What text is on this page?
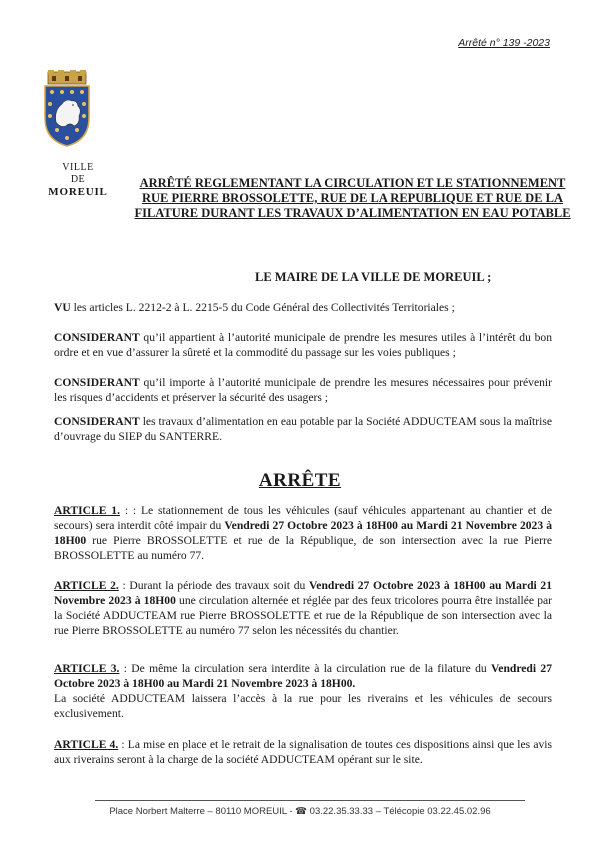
Arrêté n° 139 -2023
VILLE
DE
MOREUIL
ARRÊTÉ REGLEMENTANT LA CIRCULATION ET LE STATIONNEMENT RUE PIERRE BROSSOLETTE, RUE DE LA REPUBLIQUE ET RUE DE LA FILATURE DURANT LES TRAVAUX D’ALIMENTATION EN EAU POTABLE
LE MAIRE DE LA VILLE DE MOREUIL ;
VU les articles L. 2212-2 à L. 2215-5 du Code Général des Collectivités Territoriales ;
CONSIDERANT qu’il appartient à l’autorité municipale de prendre les mesures utiles à l’intérêt du bon ordre et en vue d’assurer la sûreté et la commodité du passage sur les voies publiques ;
CONSIDERANT qu’il importe à l’autorité municipale de prendre les mesures nécessaires pour prévenir les risques d’accidents et préserver la sécurité des usagers ;
CONSIDERANT les travaux d’alimentation en eau potable par la Société ADDUCTEAM sous la maîtrise d’ouvrage du SIEP du SANTERRE.
ARRÊTE
ARTICLE 1. : : Le stationnement de tous les véhicules (sauf véhicules appartenant au chantier et de secours) sera interdit côté impair du Vendredi 27 Octobre 2023 à 18H00 au Mardi 21 Novembre 2023 à 18H00 rue Pierre BROSSOLETTE et rue de la République, de son intersection avec la rue Pierre BROSSOLETTE au numéro 77.
ARTICLE 2. : Durant la période des travaux soit du Vendredi 27 Octobre 2023 à 18H00 au Mardi 21 Novembre 2023 à 18H00 une circulation alternée et réglée par des feux tricolores pourra être installée par la Société ADDUCTEAM rue Pierre BROSSOLETTE et rue de la République de son intersection avec la rue Pierre BROSSOLETTE au numéro 77 selon les nécessités du chantier.
ARTICLE 3. : De même la circulation sera interdite à la circulation rue de la filature du Vendredi 27 Octobre 2023 à 18H00 au Mardi 21 Novembre 2023 à 18H00.
La société ADDUCTEAM laissera l’accès à la rue pour les riverains et les véhicules de secours exclusivement.
ARTICLE 4. : La mise en place et le retrait de la signalisation de toutes ces dispositions ainsi que les avis aux riverains seront à la charge de la société ADDUCTEAM opérant sur le site.
Place Norbert Malterre – 80110 MOREUIL - ☎ 03.22.35.33.33 – Télécopie 03.22.45.02.96
